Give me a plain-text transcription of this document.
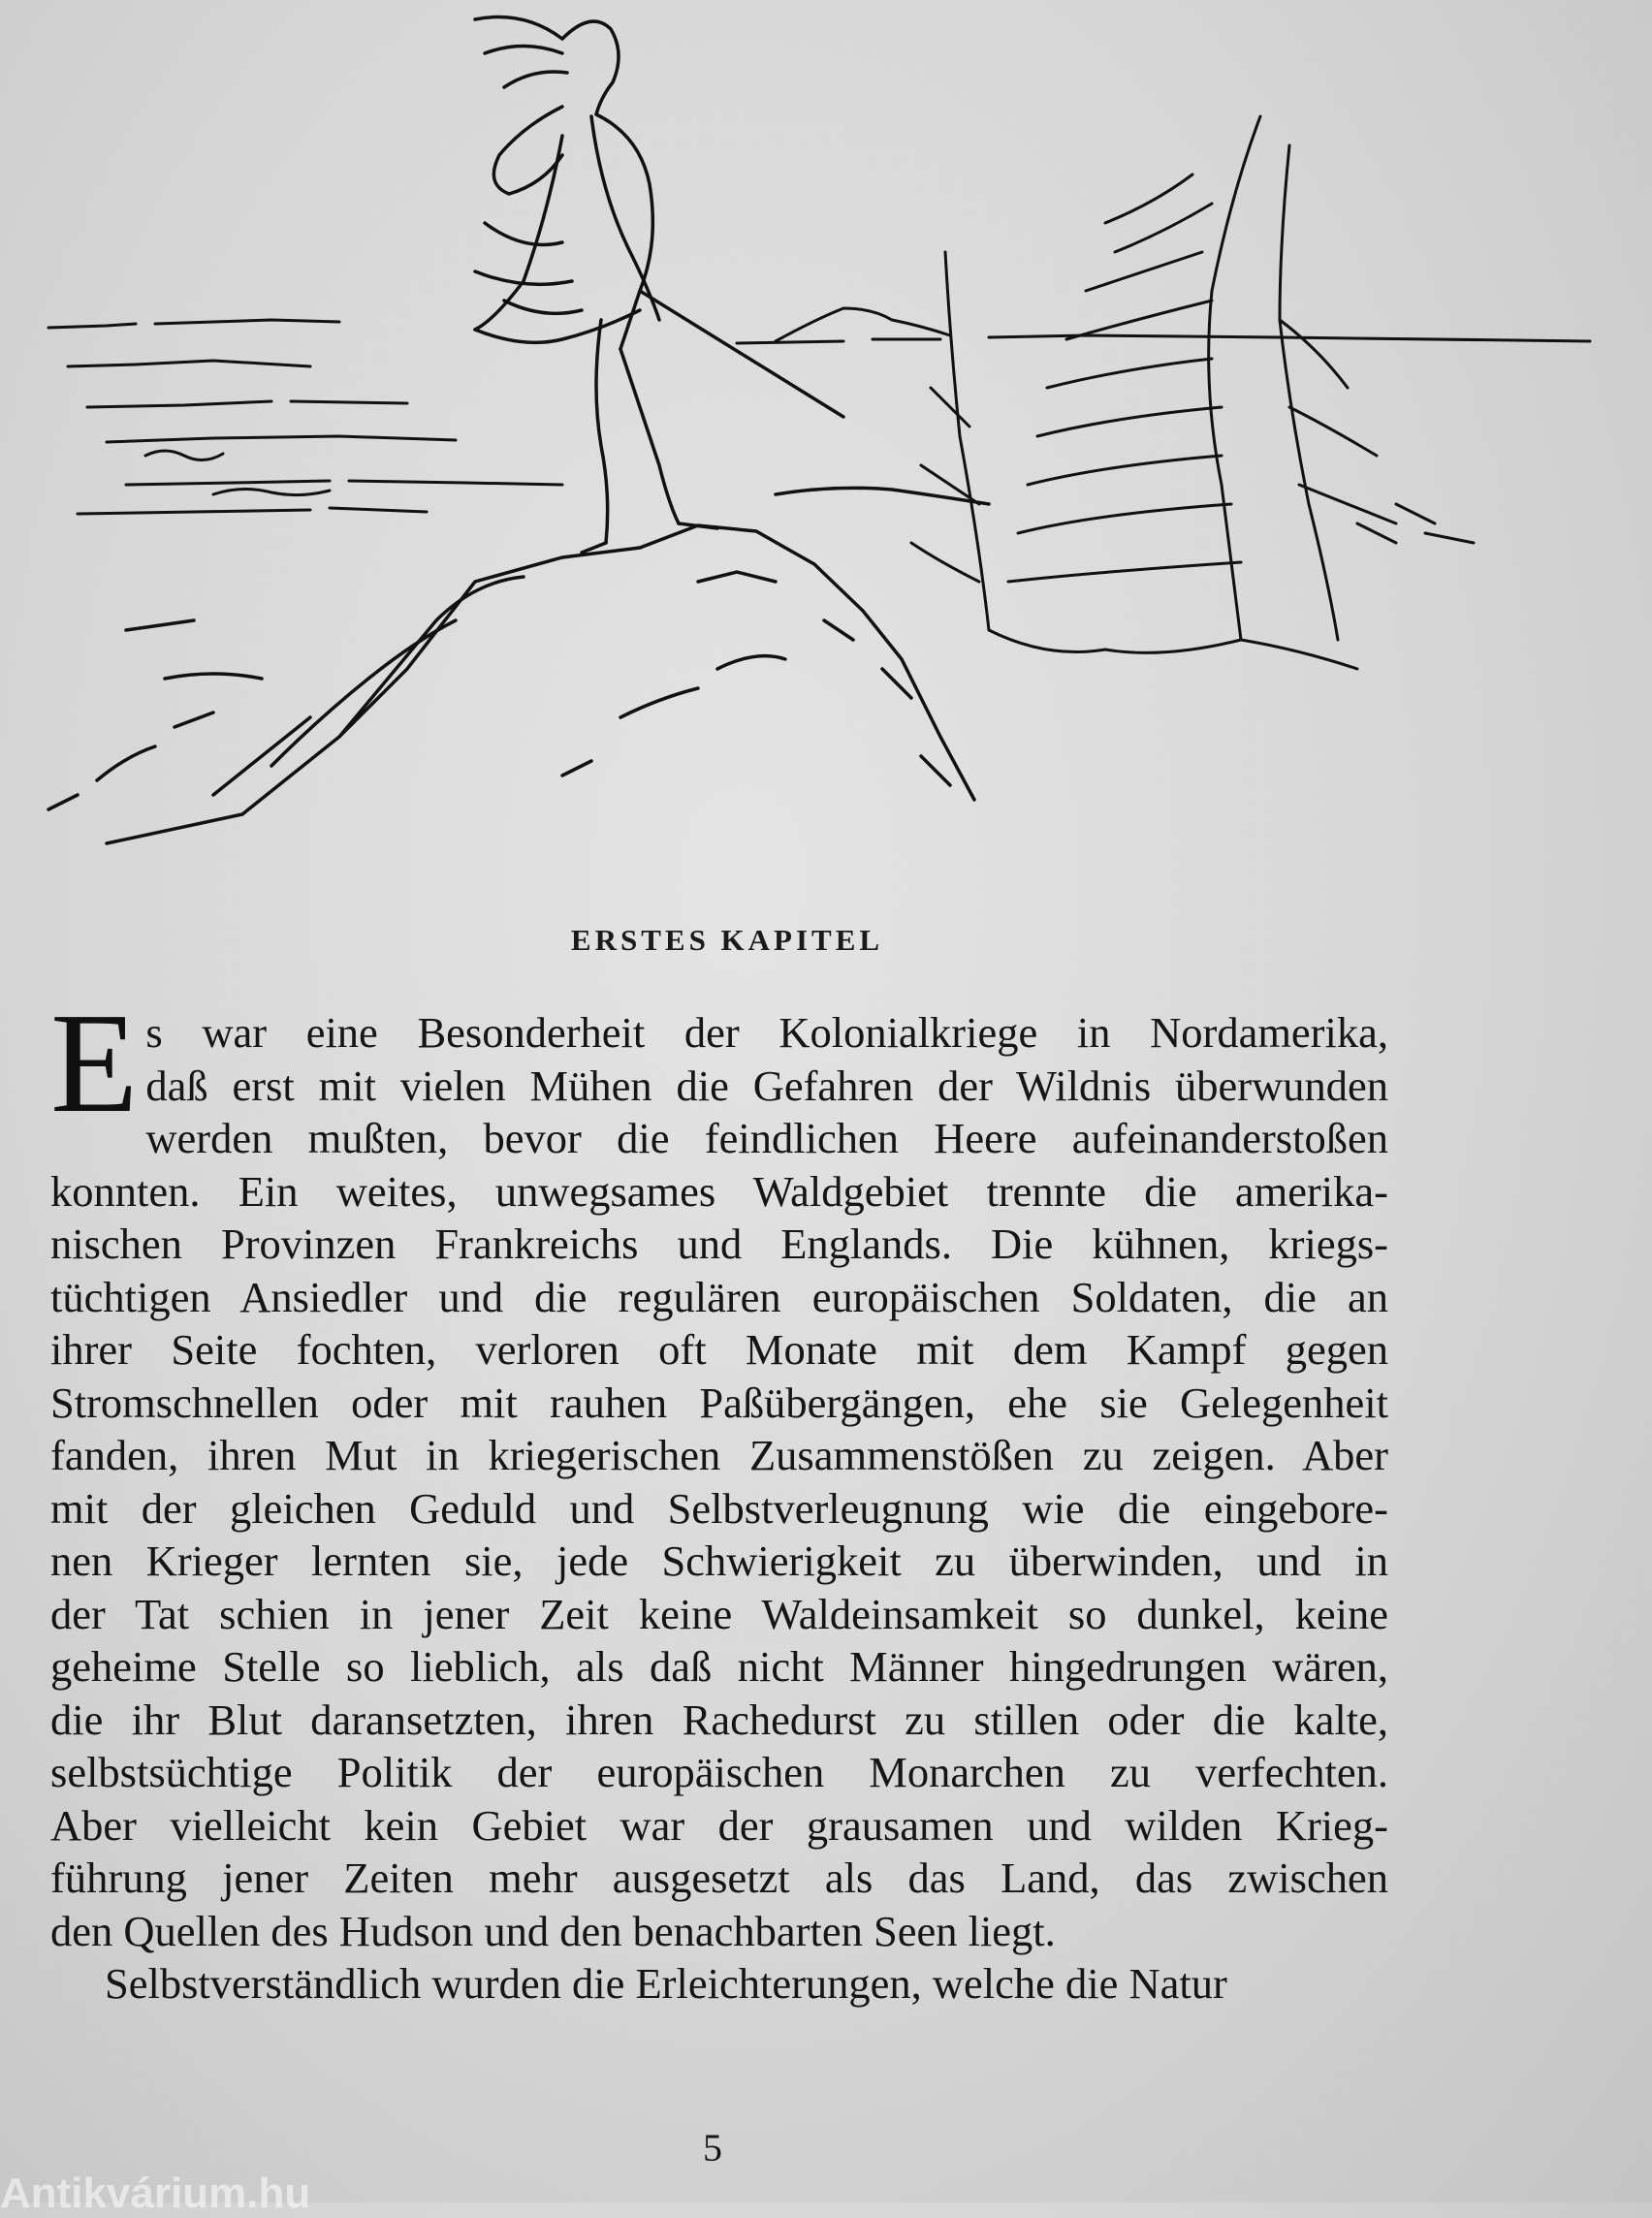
ERSTES KAPITEL
E s war eine Besonderheit der Kolonialkriege in Nordamerika,
daß erst mit vielen Mühen die Gefahren der Wildnis überwunden
werden mußten, bevor die feindlichen Heere aufeinanderstoßen
konnten. Ein weites, unwegsames Waldgebiet trennte die amerika-
nischen Provinzen Frankreichs und Englands. Die kühnen, kriegs-
tüchtigen Ansiedler und die regulären europäischen Soldaten, die an
ihrer Seite fochten, verloren oft Monate mit dem Kampf gegen
Stromschnellen oder mit rauhen Paßübergängen, ehe sie Gelegenheit
fanden, ihren Mut in kriegerischen Zusammenstößen zu zeigen. Aber
mit der gleichen Geduld und Selbstverleugnung wie die eingebore-
nen Krieger lernten sie, jede Schwierigkeit zu überwinden, und in
der Tat schien in jener Zeit keine Waldeinsamkeit so dunkel, keine
geheime Stelle so lieblich, als daß nicht Männer hingedrungen wären,
die ihr Blut daransetzten, ihren Rachedurst zu stillen oder die kalte,
selbstsüchtige Politik der europäischen Monarchen zu verfechten.
Aber vielleicht kein Gebiet war der grausamen und wilden Krieg-
führung jener Zeiten mehr ausgesetzt als das Land, das zwischen
den Quellen des Hudson und den benachbarten Seen liegt.
Selbstverständlich wurden die Erleichterungen, welche die Natur
5
Antikvárium.hu
